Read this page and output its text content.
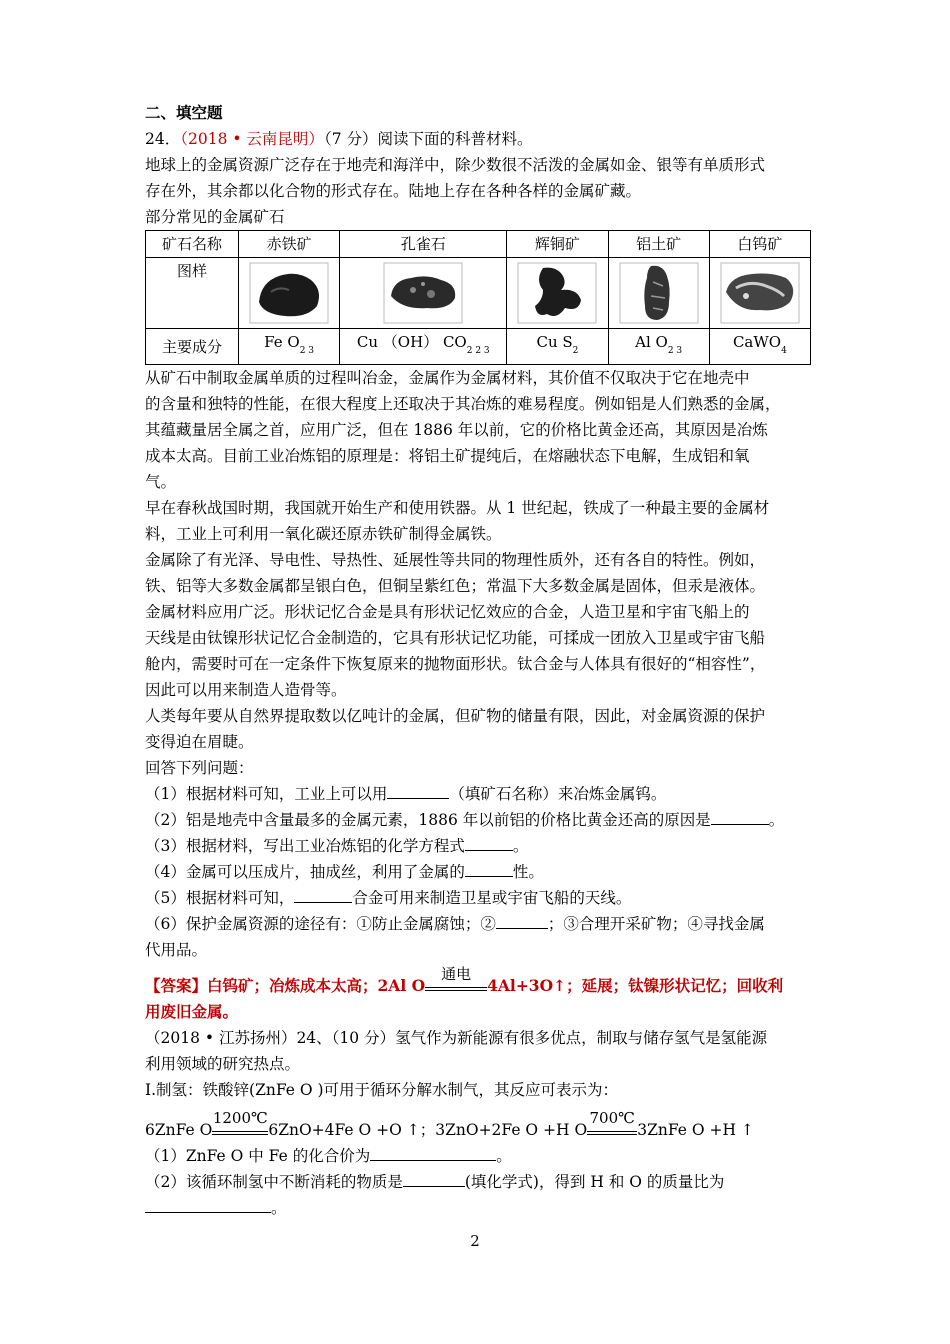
二、填空题
24．（2018 • 云南昆明）（7 分）阅读下面的科普材料。
地球上的金属资源广泛存在于地壳和海洋中，除少数很不活泼的金属如金、银等有单质形式
存在外，其余都以化合物的形式存在。陆地上存在各种各样的金属矿藏。
部分常见的金属矿石
矿石名称	赤铁矿	孔雀石	辉铜矿	铝土矿	白钨矿
图样	

主要成分	Fe $O_{2 3}$	Cu （OH） $CO_{2 2 3}$	Cu $S_2$	Al $O_{2 3}$	CaWO$_4$
从矿石中制取金属单质的过程叫冶金，金属作为金属材料，其价值不仅取决于它在地壳中
的含量和独特的性能，在很大程度上还取决于其冶炼的难易程度。例如铝是人们熟悉的金属，
其蕴藏量居全属之首，应用广泛，但在 1886 年以前，它的价格比黄金还高，其原因是冶炼
成本太高。目前工业冶炼铝的原理是：将铝土矿提纯后，在熔融状态下电解，生成铝和氧
气。
早在春秋战国时期，我国就开始生产和使用铁器。从 1 世纪起，铁成了一种最主要的金属材
料，工业上可利用一氧化碳还原赤铁矿制得金属铁。
金属除了有光泽、导电性、导热性、延展性等共同的物理性质外，还有各自的特性。例如，
铁、铝等大多数金属都呈银白色，但铜呈紫红色；常温下大多数金属是固体，但汞是液体。
金属材料应用广泛。形状记忆合金是具有形状记忆效应的合金，人造卫星和宇宙飞船上的
天线是由钛镍形状记忆合金制造的，它具有形状记忆功能，可揉成一团放入卫星或宇宙飞船
舱内，需要时可在一定条件下恢复原来的抛物面形状。钛合金与人体具有很好的“相容性”，
因此可以用来制造人造骨等。
人类每年要从自然界提取数以亿吨计的金属，但矿物的储量有限，因此，对金属资源的保护
变得迫在眉睫。
回答下列问题：
（1）根据材料可知，工业上可以用	（填矿石名称）来冶炼金属钨。
（2）铝是地壳中含量最多的金属元素，1886 年以前铝的价格比黄金还高的原因是	。
（3）根据材料，写出工业冶炼铝的化学方程式	。
（4）金属可以压成片，抽成丝，利用了金属的	性。
（5）根据材料可知，	合金可用来制造卫星或宇宙飞船的天线。
（6）保护金属资源的途径有：①防止金属腐蚀；②	；③合理开采矿物；④寻找金属
代用品。
【答案】白钨矿；冶炼成本太高；2Al O
通电
4Al+3O↑；延展；钛镍形状记忆；回收利
用废旧金属。
（2018 • 江苏扬州）24、（10 分）氢气作为新能源有很多优点，制取与储存氢气是氢能源
利用领域的研究热点。
I.制氢：铁酸锌(ZnFe O )可用于循环分解水制气，其反应可表示为：
6ZnFe O
1200℃
6ZnO+4Fe O +O ↑；3ZnO+2Fe O +H O
700℃
3ZnFe O +H ↑
（1）ZnFe O 中 Fe 的化合价为	。
（2）该循环制氢中不断消耗的物质是	(填化学式)，得到 H 和 O 的质量比为
。
2
